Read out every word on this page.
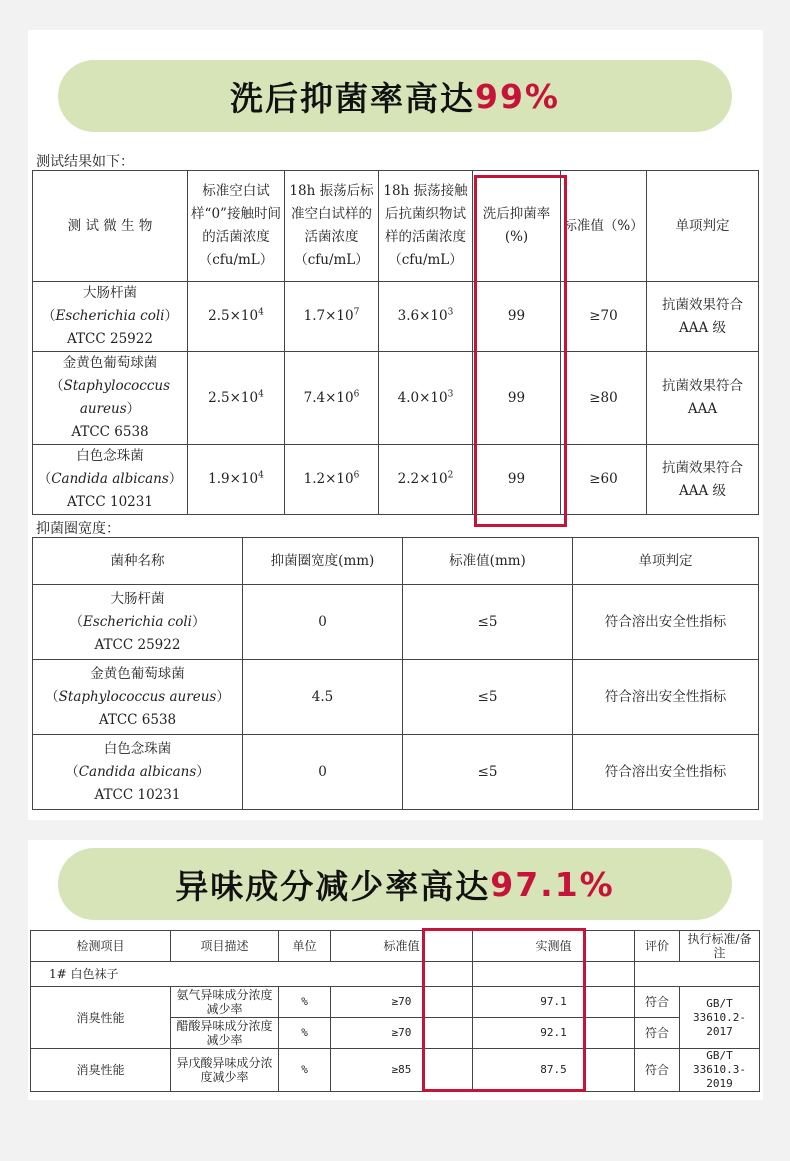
洗后抑菌率高达 99%
测试结果如下：
测 试 微 生 物	标准空白试样“0”接触时间的活菌浓度（cfu/mL）	18h 振荡后标准空白试样的活菌浓度（cfu/mL）	18h 振荡接触后抗菌织物试样的活菌浓度（cfu/mL）	洗后抑菌率(%)	标准值（%）	单项判定

大肠杆菌
（Escherichia coli）
ATCC 25922	$2.5\times 10^4$	$1.7\times 10^7$	$3.6\times 10^3$	99	≥70	抗菌效果符合 AAA 级

金黄色葡萄球菌
（Staphylococcus aureus）
ATCC 6538	$2.5\times 10^4$	$7.4\times 10^6$	$4.0\times 10^3$	99	≥80	抗菌效果符合 AAA

白色念珠菌
（Candida albicans）
ATCC 10231	$1.9\times 10^4$	$1.2\times 10^6$	$2.2\times 10^2$	99	≥60	抗菌效果符合 AAA 级
抑菌圈宽度：
菌种名称	抑菌圈宽度(mm)	标准值(mm)	单项判定

大肠杆菌
（Escherichia coli）
ATCC 25922	0	≤5	符合溶出安全性指标

金黄色葡萄球菌
（Staphylococcus aureus）
ATCC 6538	4.5	≤5	符合溶出安全性指标

白色念珠菌
（Candida albicans）
ATCC 10231	0	≤5	符合溶出安全性指标
异味成分减少率高达 97.1%
检测项目	项目描述	单位	标准值	实测值	评价	执行标准/备注
1# 白色袜子						
消臭性能	氨气异味成分浓度减少率	%	≥70	97.1	符合	GB/T 33610.2-2017
	醋酸异味成分浓度减少率	%	≥70	92.1	符合	
消臭性能	异戊酸异味成分浓度减少率	%	≥85	87.5	符合	GB/T 33610.3-2019
